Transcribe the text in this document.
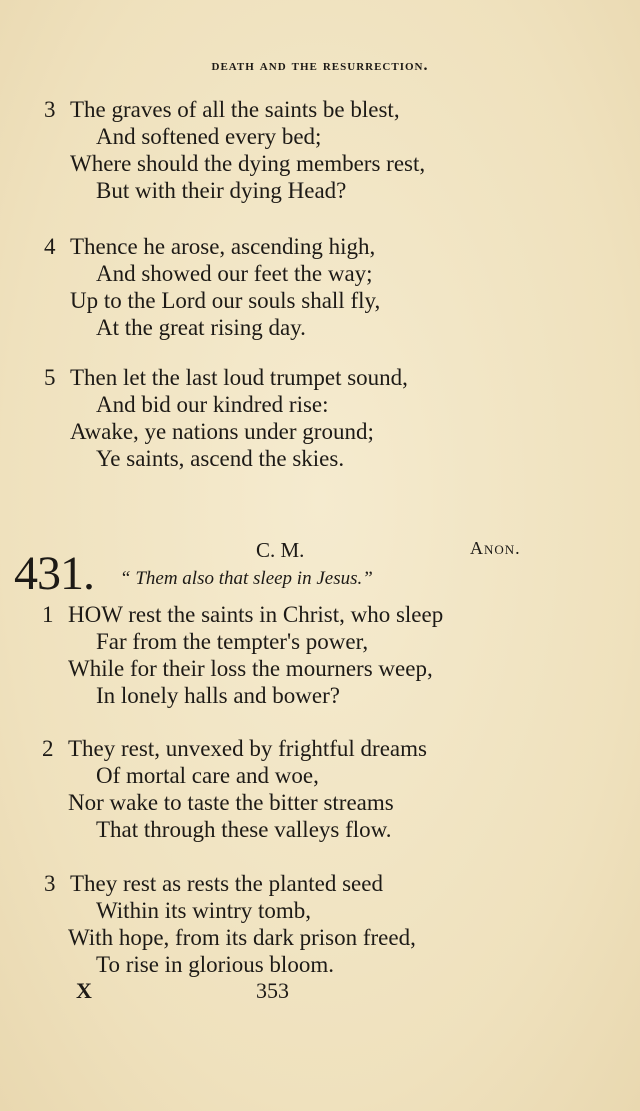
death and the resurrection.
3 The graves of all the saints be blest,
And softened every bed;
Where should the dying members rest,
But with their dying Head?
4 Thence he arose, ascending high,
And showed our feet the way;
Up to the Lord our souls shall fly,
At the great rising day.
5 Then let the last loud trumpet sound,
And bid our kindred rise:
Awake, ye nations under ground;
Ye saints, ascend the skies.
431.	C. M.	Anon.
“ Them also that sleep in Jesus.”
1 HOW rest the saints in Christ, who sleep
Far from the tempter's power,
While for their loss the mourners weep,
In lonely halls and bower?
2 They rest, unvexed by frightful dreams
Of mortal care and woe,
Nor wake to taste the bitter streams
That through these valleys flow.
3 They rest as rests the planted seed
Within its wintry tomb,
With hope, from its dark prison freed,
To rise in glorious bloom.
X	353
